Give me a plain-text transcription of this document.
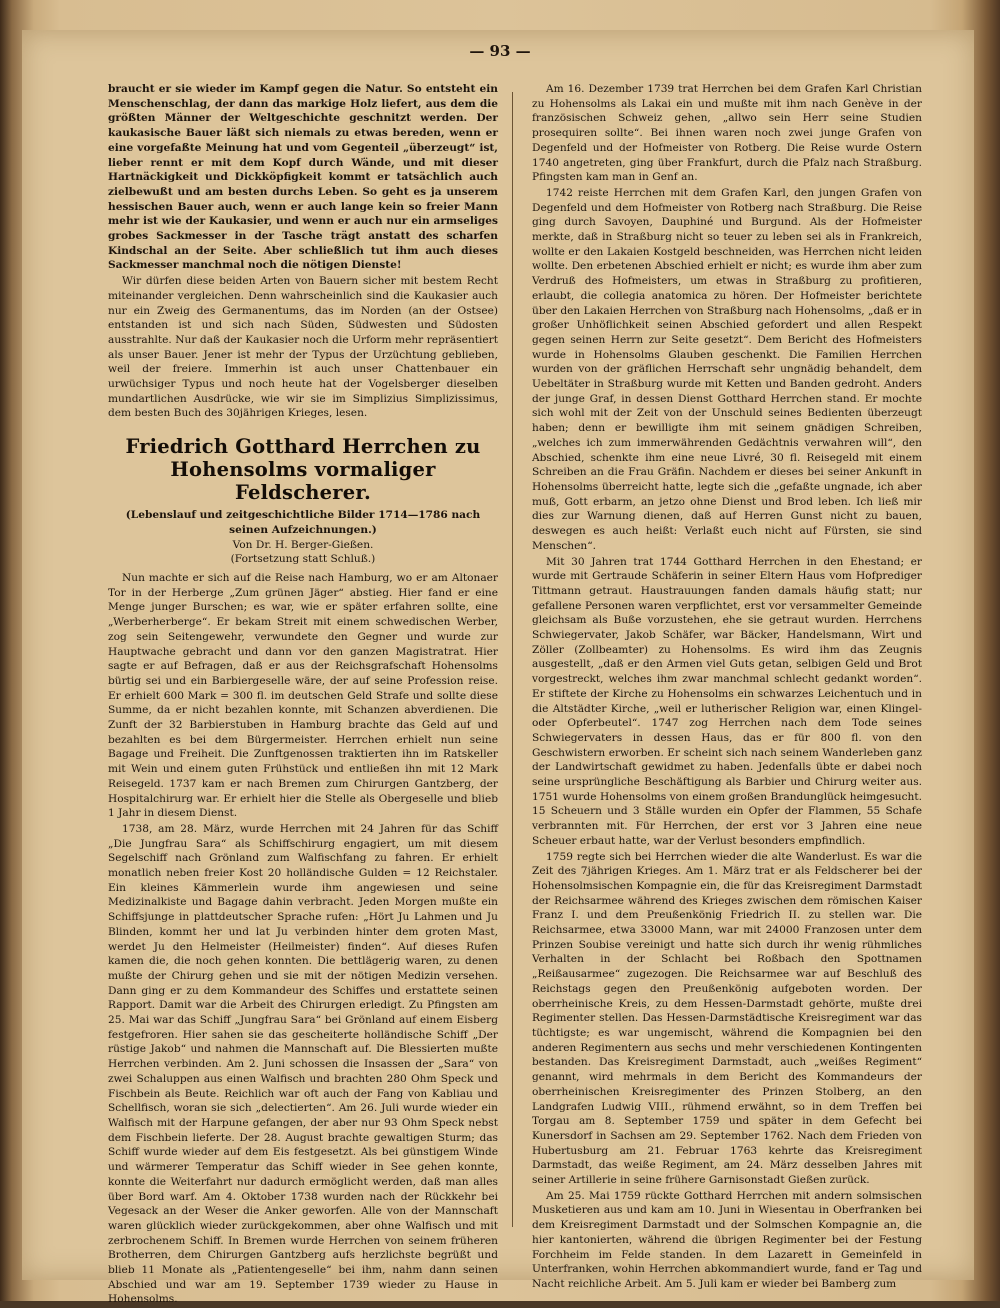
— 93 —

braucht er sie wieder im Kampf gegen die Natur. So entsteht ein Menschenschlag, der dann das markige Holz liefert, aus dem die größten Männer der Weltgeschichte geschnitzt werden. Der kaukasische Bauer läßt sich niemals zu etwas bereden, wenn er eine vorgefaßte Meinung hat und vom Gegenteil „überzeugt“ ist, lieber rennt er mit dem Kopf durch Wände, und mit dieser Hartnäckigkeit und Dickköpfigkeit kommt er tatsächlich auch zielbewußt und am besten durchs Leben. So geht es ja unserem hessischen Bauer auch, wenn er auch lange kein so freier Mann mehr ist wie der Kaukasier, und wenn er auch nur ein armseliges grobes Sackmesser in der Tasche trägt anstatt des scharfen Kindschal an der Seite. Aber schließlich tut ihm auch dieses Sackmesser manchmal noch die nötigen Dienste!

Wir dürfen diese beiden Arten von Bauern sicher mit bestem Recht miteinander vergleichen. Denn wahrscheinlich sind die Kaukasier auch nur ein Zweig des Germanentums, das im Norden (an der Ostsee) entstanden ist und sich nach Süden, Südwesten und Südosten ausstrahlte. Nur daß der Kaukasier noch die Urform mehr repräsentiert als unser Bauer. Jener ist mehr der Typus der Urzüchtung geblieben, weil der freiere. Immerhin ist auch unser Chattenbauer ein urwüchsiger Typus und noch heute hat der Vogelsberger dieselben mundartlichen Ausdrücke, wie wir sie im Simplizius Simplizissimus, dem besten Buch des 30jährigen Krieges, lesen.

Friedrich Gotthard Herrchen zu Hohensolms vormaliger Feldscherer.
(Lebenslauf und zeitgeschichtliche Bilder 1714—1786 nach seinen Aufzeichnungen.)
Von Dr. H. Berger-Gießen.
(Fortsetzung statt Schluß.)

Nun machte er sich auf die Reise nach Hamburg, wo er am Altonaer Tor in der Herberge „Zum grünen Jäger“ abstieg. Hier fand er eine Menge junger Burschen; es war, wie er später erfahren sollte, eine „Werberherberge“. Er bekam Streit mit einem schwedischen Werber, zog sein Seitengewehr, verwundete den Gegner und wurde zur Hauptwache gebracht und dann vor den ganzen Magistratrat. Hier sagte er auf Befragen, daß er aus der Reichsgrafschaft Hohensolms bürtig sei und ein Barbiergeselle wäre, der auf seine Profession reise. Er erhielt 600 Mark = 300 fl. im deutschen Geld Strafe und sollte diese Summe, da er nicht bezahlen konnte, mit Schanzen abverdienen. Die Zunft der 32 Barbierstuben in Hamburg brachte das Geld auf und bezahlten es bei dem Bürgermeister. Herrchen erhielt nun seine Bagage und Freiheit. Die Zunftgenossen traktierten ihn im Ratskeller mit Wein und einem guten Frühstück und entließen ihn mit 12 Mark Reisegeld. 1737 kam er nach Bremen zum Chirurgen Gantzberg, der Hospitalchirurg war. Er erhielt hier die Stelle als Obergeselle und blieb 1 Jahr in diesem Dienst.

1738, am 28. März, wurde Herrchen mit 24 Jahren für das Schiff „Die Jungfrau Sara“ als Schiffschirurg engagiert, um mit diesem Segelschiff nach Grönland zum Walfischfang zu fahren. Er erhielt monatlich neben freier Kost 20 holländische Gulden = 12 Reichstaler. Ein kleines Kämmerlein wurde ihm angewiesen und seine Medizinalkiste und Bagage dahin verbracht. Jeden Morgen mußte ein Schiffsjunge in plattdeutscher Sprache rufen: „Hört Ju Lahmen und Ju Blinden, kommt her und lat Ju verbinden hinter dem groten Mast, werdet Ju den Helmeister (Heilmeister) finden“. Auf dieses Rufen kamen die, die noch gehen konnten. Die bettlägerig waren, zu denen mußte der Chirurg gehen und sie mit der nötigen Medizin versehen. Dann ging er zu dem Kommandeur des Schiffes und erstattete seinen Rapport. Damit war die Arbeit des Chirurgen erledigt. Zu Pfingsten am 25. Mai war das Schiff „Jungfrau Sara“ bei Grönland auf einem Eisberg festgefroren. Hier sahen sie das gescheiterte holländische Schiff „Der rüstige Jakob“ und nahmen die Mannschaft auf. Die Blessierten mußte Herrchen verbinden. Am 2. Juni schossen die Insassen der „Sara“ von zwei Schaluppen aus einen Walfisch und brachten 280 Ohm Speck und Fischbein als Beute. Reichlich war oft auch der Fang von Kabliau und Schellfisch, woran sie sich „delectierten“. Am 26. Juli wurde wieder ein Walfisch mit der Harpune gefangen, der aber nur 93 Ohm Speck nebst dem Fischbein lieferte. Der 28. August brachte gewaltigen Sturm; das Schiff wurde wieder auf dem Eis festgesetzt. Als bei günstigem Winde und wärmerer Temperatur das Schiff wieder in See gehen konnte, konnte die Weiterfahrt nur dadurch ermöglicht werden, daß man alles über Bord warf. Am 4. Oktober 1738 wurden nach der Rückkehr bei Vegesack an der Weser die Anker geworfen. Alle von der Mannschaft waren glücklich wieder zurückgekommen, aber ohne Walfisch und mit zerbrochenem Schiff. In Bremen wurde Herrchen von seinem früheren Brotherren, dem Chirurgen Gantzberg aufs herzlichste begrüßt und blieb 11 Monate als „Patientengeselle“ bei ihm, nahm dann seinen Abschied und war am 19. September 1739 wieder zu Hause in Hohensolms.

Am 16. Dezember 1739 trat Herrchen bei dem Grafen Karl Christian zu Hohensolms als Lakai ein und mußte mit ihm nach Genève in der französischen Schweiz gehen, „allwo sein Herr seine Studien prosequiren sollte“. Bei ihnen waren noch zwei junge Grafen von Degenfeld und der Hofmeister von Rotberg. Die Reise wurde Ostern 1740 angetreten, ging über Frankfurt, durch die Pfalz nach Straßburg. Pfingsten kam man in Genf an.

1742 reiste Herrchen mit dem Grafen Karl, den jungen Grafen von Degenfeld und dem Hofmeister von Rotberg nach Straßburg. Die Reise ging durch Savoyen, Dauphiné und Burgund. Als der Hofmeister merkte, daß in Straßburg nicht so teuer zu leben sei als in Frankreich, wollte er den Lakaien Kostgeld beschneiden, was Herrchen nicht leiden wollte. Den erbetenen Abschied erhielt er nicht; es wurde ihm aber zum Verdruß des Hofmeisters, um etwas in Straßburg zu profitieren, erlaubt, die collegia anatomica zu hören. Der Hofmeister berichtete über den Lakaien Herrchen von Straßburg nach Hohensolms, „daß er in großer Unhöflichkeit seinen Abschied gefordert und allen Respekt gegen seinen Herrn zur Seite gesetzt“. Dem Bericht des Hofmeisters wurde in Hohensolms Glauben geschenkt. Die Familien Herrchen wurden von der gräflichen Herrschaft sehr ungnädig behandelt, dem Uebeltäter in Straßburg wurde mit Ketten und Banden gedroht. Anders der junge Graf, in dessen Dienst Gotthard Herrchen stand. Er mochte sich wohl mit der Zeit von der Unschuld seines Bedienten überzeugt haben; denn er bewilligte ihm mit seinem gnädigen Schreiben, „welches ich zum immerwährenden Gedächtnis verwahren will“, den Abschied, schenkte ihm eine neue Livré, 30 fl. Reisegeld mit einem Schreiben an die Frau Gräfin. Nachdem er dieses bei seiner Ankunft in Hohensolms überreicht hatte, legte sich die „gefaßte ungnade, ich aber muß, Gott erbarm, an jetzo ohne Dienst und Brod leben. Ich ließ mir dies zur Warnung dienen, daß auf Herren Gunst nicht zu bauen, deswegen es auch heißt: Verlaßt euch nicht auf Fürsten, sie sind Menschen“.

Mit 30 Jahren trat 1744 Gotthard Herrchen in den Ehestand; er wurde mit Gertraude Schäferin in seiner Eltern Haus vom Hofprediger Tittmann getraut. Haustrauungen fanden damals häufig statt; nur gefallene Personen waren verpflichtet, erst vor versammelter Gemeinde gleichsam als Buße vorzustehen, ehe sie getraut wurden. Herrchens Schwiegervater, Jakob Schäfer, war Bäcker, Handelsmann, Wirt und Zöller (Zollbeamter) zu Hohensolms. Es wird ihm das Zeugnis ausgestellt, „daß er den Armen viel Guts getan, selbigen Geld und Brot vorgestreckt, welches ihm zwar manchmal schlecht gedankt worden“. Er stiftete der Kirche zu Hohensolms ein schwarzes Leichentuch und in die Altstädter Kirche, „weil er lutherischer Religion war, einen Klingel- oder Opferbeutel“. 1747 zog Herrchen nach dem Tode seines Schwiegervaters in dessen Haus, das er für 800 fl. von den Geschwistern erworben. Er scheint sich nach seinem Wanderleben ganz der Landwirtschaft gewidmet zu haben. Jedenfalls übte er dabei noch seine ursprüngliche Beschäftigung als Barbier und Chirurg weiter aus. 1751 wurde Hohensolms von einem großen Brandunglück heimgesucht. 15 Scheuern und 3 Ställe wurden ein Opfer der Flammen, 55 Schafe verbrannten mit. Für Herrchen, der erst vor 3 Jahren eine neue Scheuer erbaut hatte, war der Verlust besonders empfindlich.

1759 regte sich bei Herrchen wieder die alte Wanderlust. Es war die Zeit des 7jährigen Krieges. Am 1. März trat er als Feldscherer bei der Hohensolmsischen Kompagnie ein, die für das Kreisregiment Darmstadt der Reichsarmee während des Krieges zwischen dem römischen Kaiser Franz I. und dem Preußenkönig Friedrich II. zu stellen war. Die Reichsarmee, etwa 33000 Mann, war mit 24000 Franzosen unter dem Prinzen Soubise vereinigt und hatte sich durch ihr wenig rühmliches Verhalten in der Schlacht bei Roßbach den Spottnamen „Reißausarmee“ zugezogen. Die Reichsarmee war auf Beschluß des Reichstags gegen den Preußenkönig aufgeboten worden. Der oberrheinische Kreis, zu dem Hessen-Darmstadt gehörte, mußte drei Regimenter stellen. Das Hessen-Darmstädtische Kreisregiment war das tüchtigste; es war ungemischt, während die Kompagnien bei den anderen Regimentern aus sechs und mehr verschiedenen Kontingenten bestanden. Das Kreisregiment Darmstadt, auch „weißes Regiment“ genannt, wird mehrmals in dem Bericht des Kommandeurs der oberrheinischen Kreisregimenter des Prinzen Stolberg, an den Landgrafen Ludwig VIII., rühmend erwähnt, so in dem Treffen bei Torgau am 8. September 1759 und später in dem Gefecht bei Kunersdorf in Sachsen am 29. September 1762. Nach dem Frieden von Hubertusburg am 21. Februar 1763 kehrte das Kreisregiment Darmstadt, das weiße Regiment, am 24. März desselben Jahres mit seiner Artillerie in seine frühere Garnisonstadt Gießen zurück.

Am 25. Mai 1759 rückte Gotthard Herrchen mit andern solmsischen Musketieren aus und kam am 10. Juni in Wiesentau in Oberfranken bei dem Kreisregiment Darmstadt und der Solmschen Kompagnie an, die hier kantonierten, während die übrigen Regimenter bei der Festung Forchheim im Felde standen. In dem Lazarett in Gemeinfeld in Unterfranken, wohin Herrchen abkommandiert wurde, fand er Tag und Nacht reichliche Arbeit. Am 5. Juli kam er wieder bei Bamberg zum
